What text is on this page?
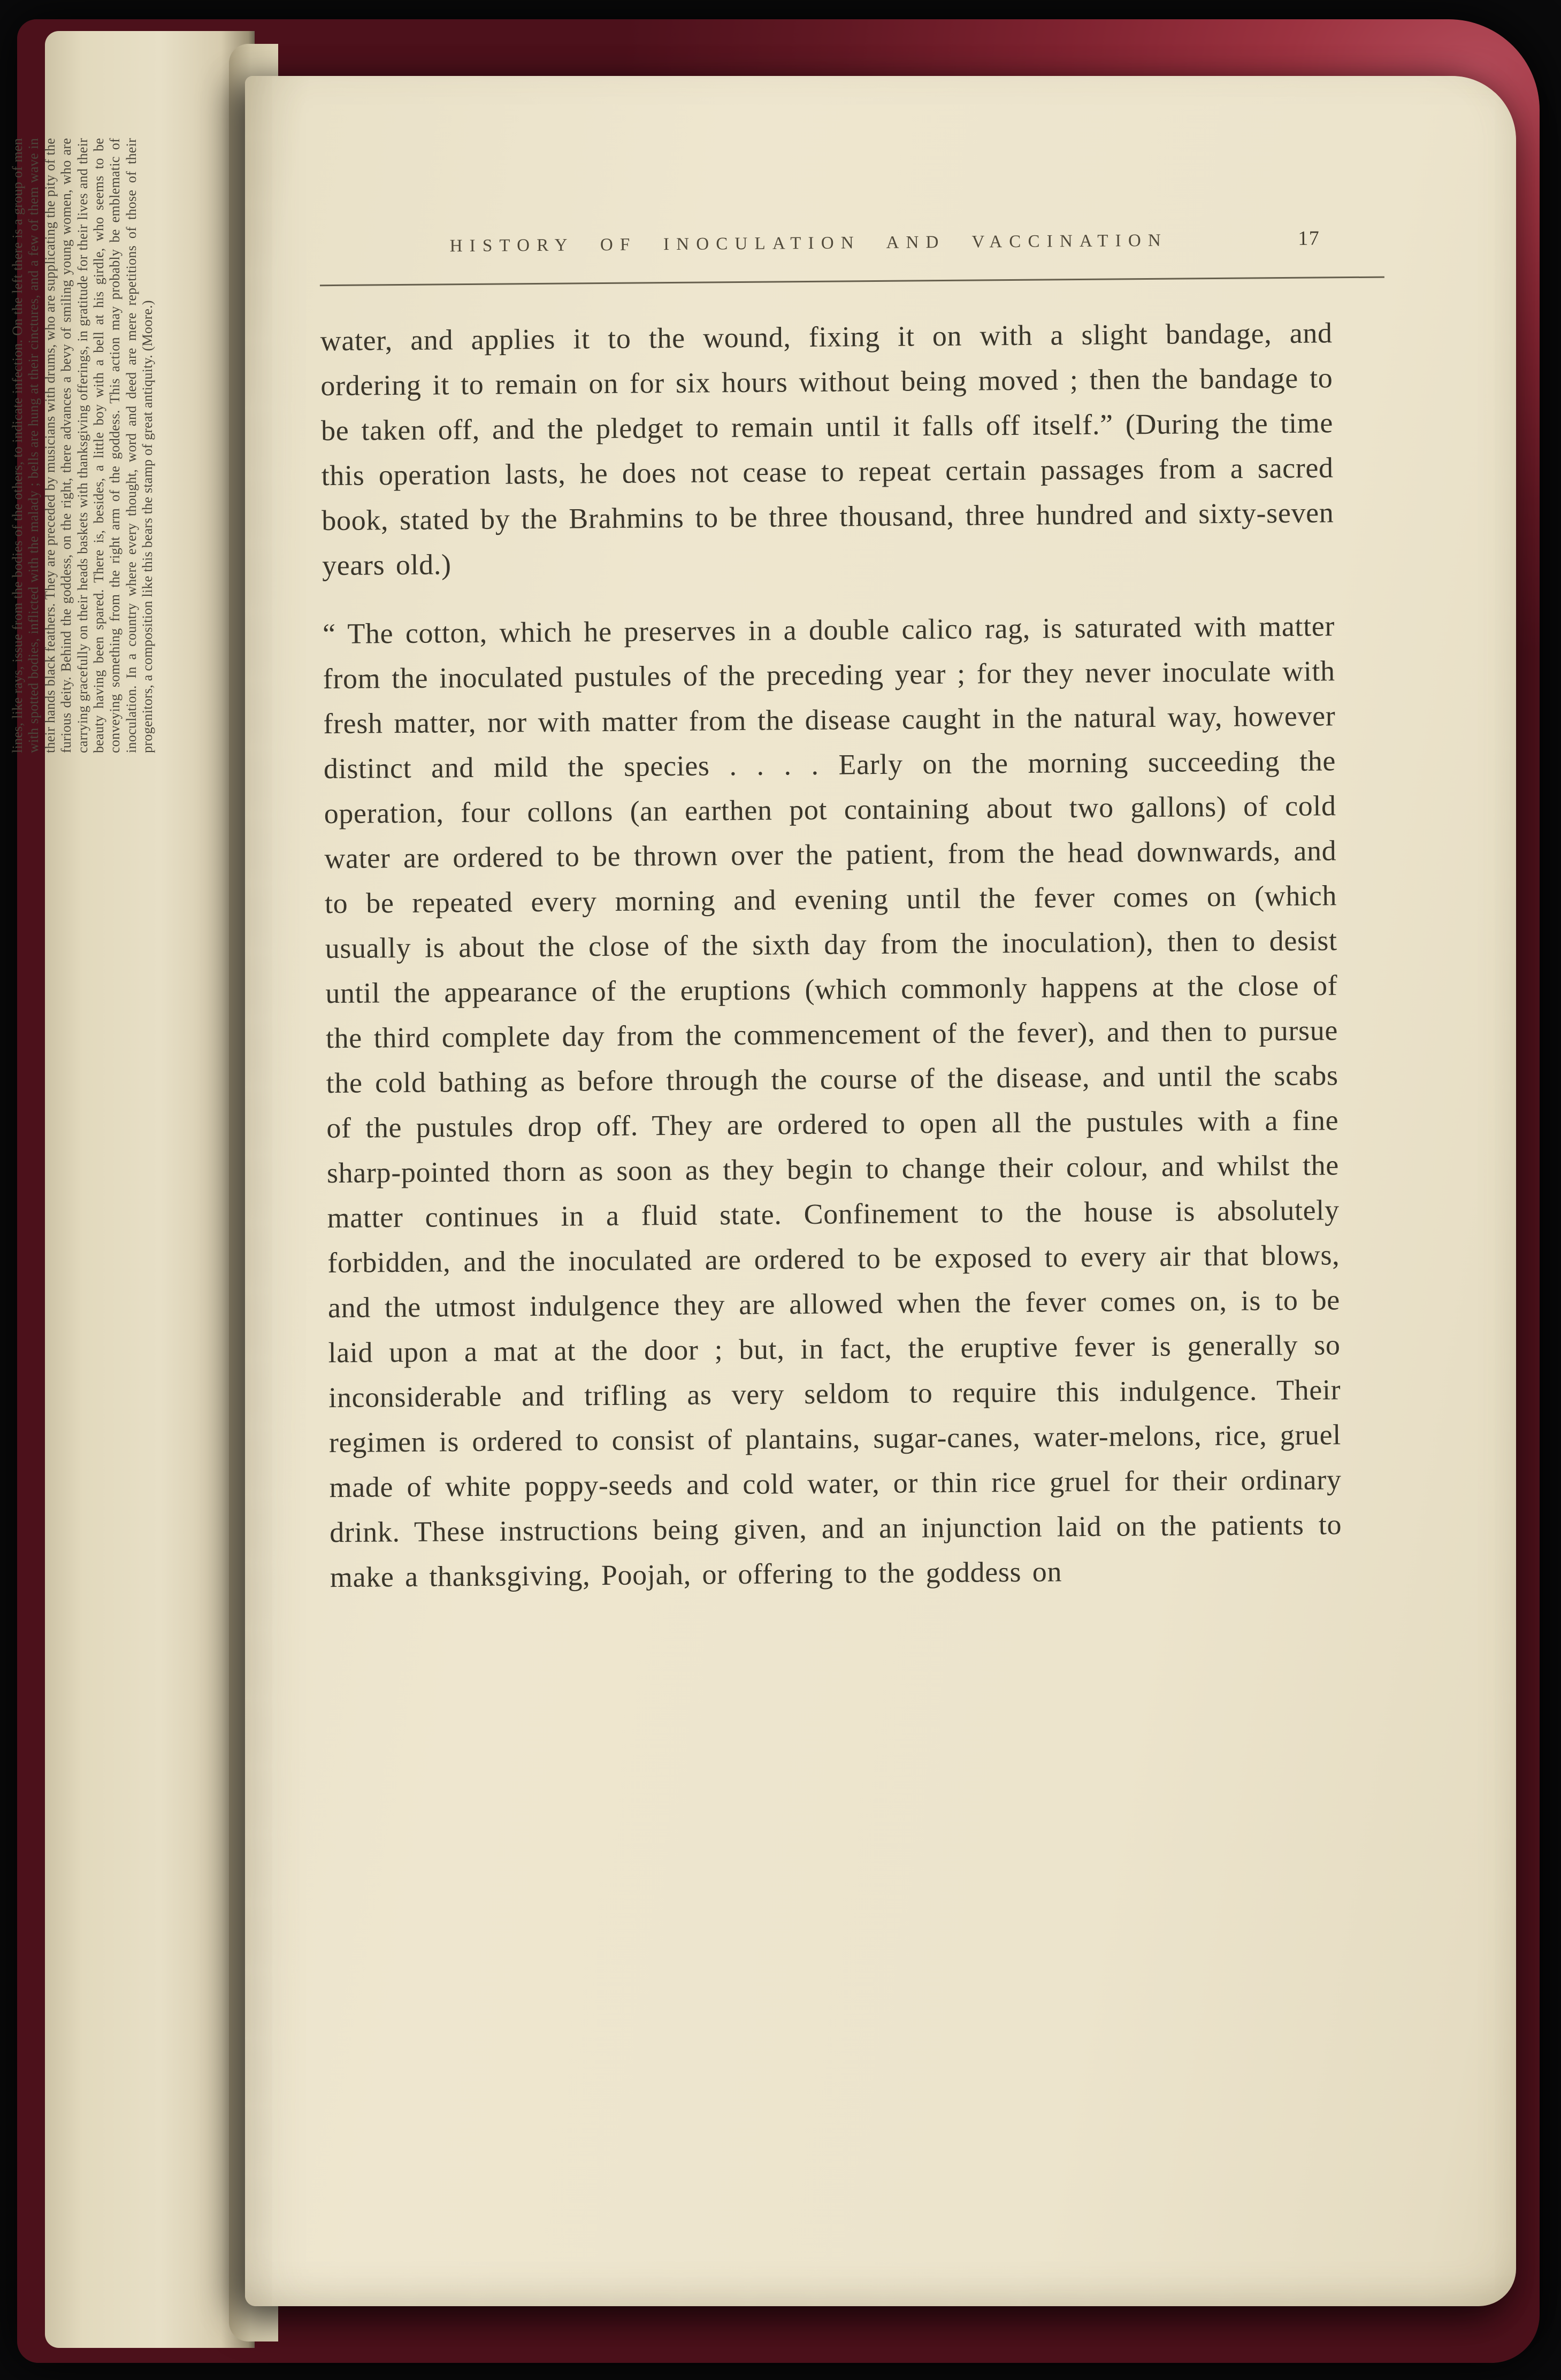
lines, like rays, issue from the bodies of the others, to indicate infection. On the left there is a group of men with spotted bodies, inflicted with the malady ; bells are hung at their cinctures, and a few of them wave in their hands black feathers. They are preceded by musicians with drums, who are supplicating the pity of the furious deity. Behind the goddess, on the right, there advances a bevy of smiling young women, who are carrying gracefully on their heads baskets with thanksgiving offerings, in gratitude for their lives and their beauty having been spared. There is, besides, a little boy with a bell at his girdle, who seems to be conveying something from the right arm of the goddess. This action may probably be emblematic of inoculation. In a country where every thought, word and deed are mere repetitions of those of their progenitors, a composition like this bears the stamp of great antiquity. (Moore.)
HISTORY OF INOCULATION AND VACCINATION	17

water, and applies it to the wound, fixing it on with a slight bandage, and ordering it to remain on for six hours without being moved ; then the bandage to be taken off, and the pledget to remain until it falls off itself.” (During the time this operation lasts, he does not cease to repeat certain passages from a sacred book, stated by the Brahmins to be three thousand, three hundred and sixty-seven years old.)

“ The cotton, which he preserves in a double calico rag, is saturated with matter from the inoculated pustules of the preceding year ; for they never inoculate with fresh matter, nor with matter from the disease caught in the natural way, however distinct and mild the species . . . . Early on the morning succeeding the operation, four collons (an earthen pot containing about two gallons) of cold water are ordered to be thrown over the patient, from the head downwards, and to be repeated every morning and evening until the fever comes on (which usually is about the close of the sixth day from the inoculation), then to desist until the appearance of the eruptions (which commonly happens at the close of the third complete day from the commencement of the fever), and then to pursue the cold bathing as before through the course of the disease, and until the scabs of the pustules drop off. They are ordered to open all the pustules with a fine sharp-pointed thorn as soon as they begin to change their colour, and whilst the matter continues in a fluid state. Confinement to the house is absolutely forbidden, and the inoculated are ordered to be exposed to every air that blows, and the utmost indulgence they are allowed when the fever comes on, is to be laid upon a mat at the door ; but, in fact, the eruptive fever is generally so inconsiderable and trifling as very seldom to require this indulgence. Their regimen is ordered to consist of plantains, sugar-canes, water-melons, rice, gruel made of white poppy-seeds and cold water, or thin rice gruel for their ordinary drink. These instructions being given, and an injunction laid on the patients to make a thanksgiving, Poojah, or offering to the goddess on
